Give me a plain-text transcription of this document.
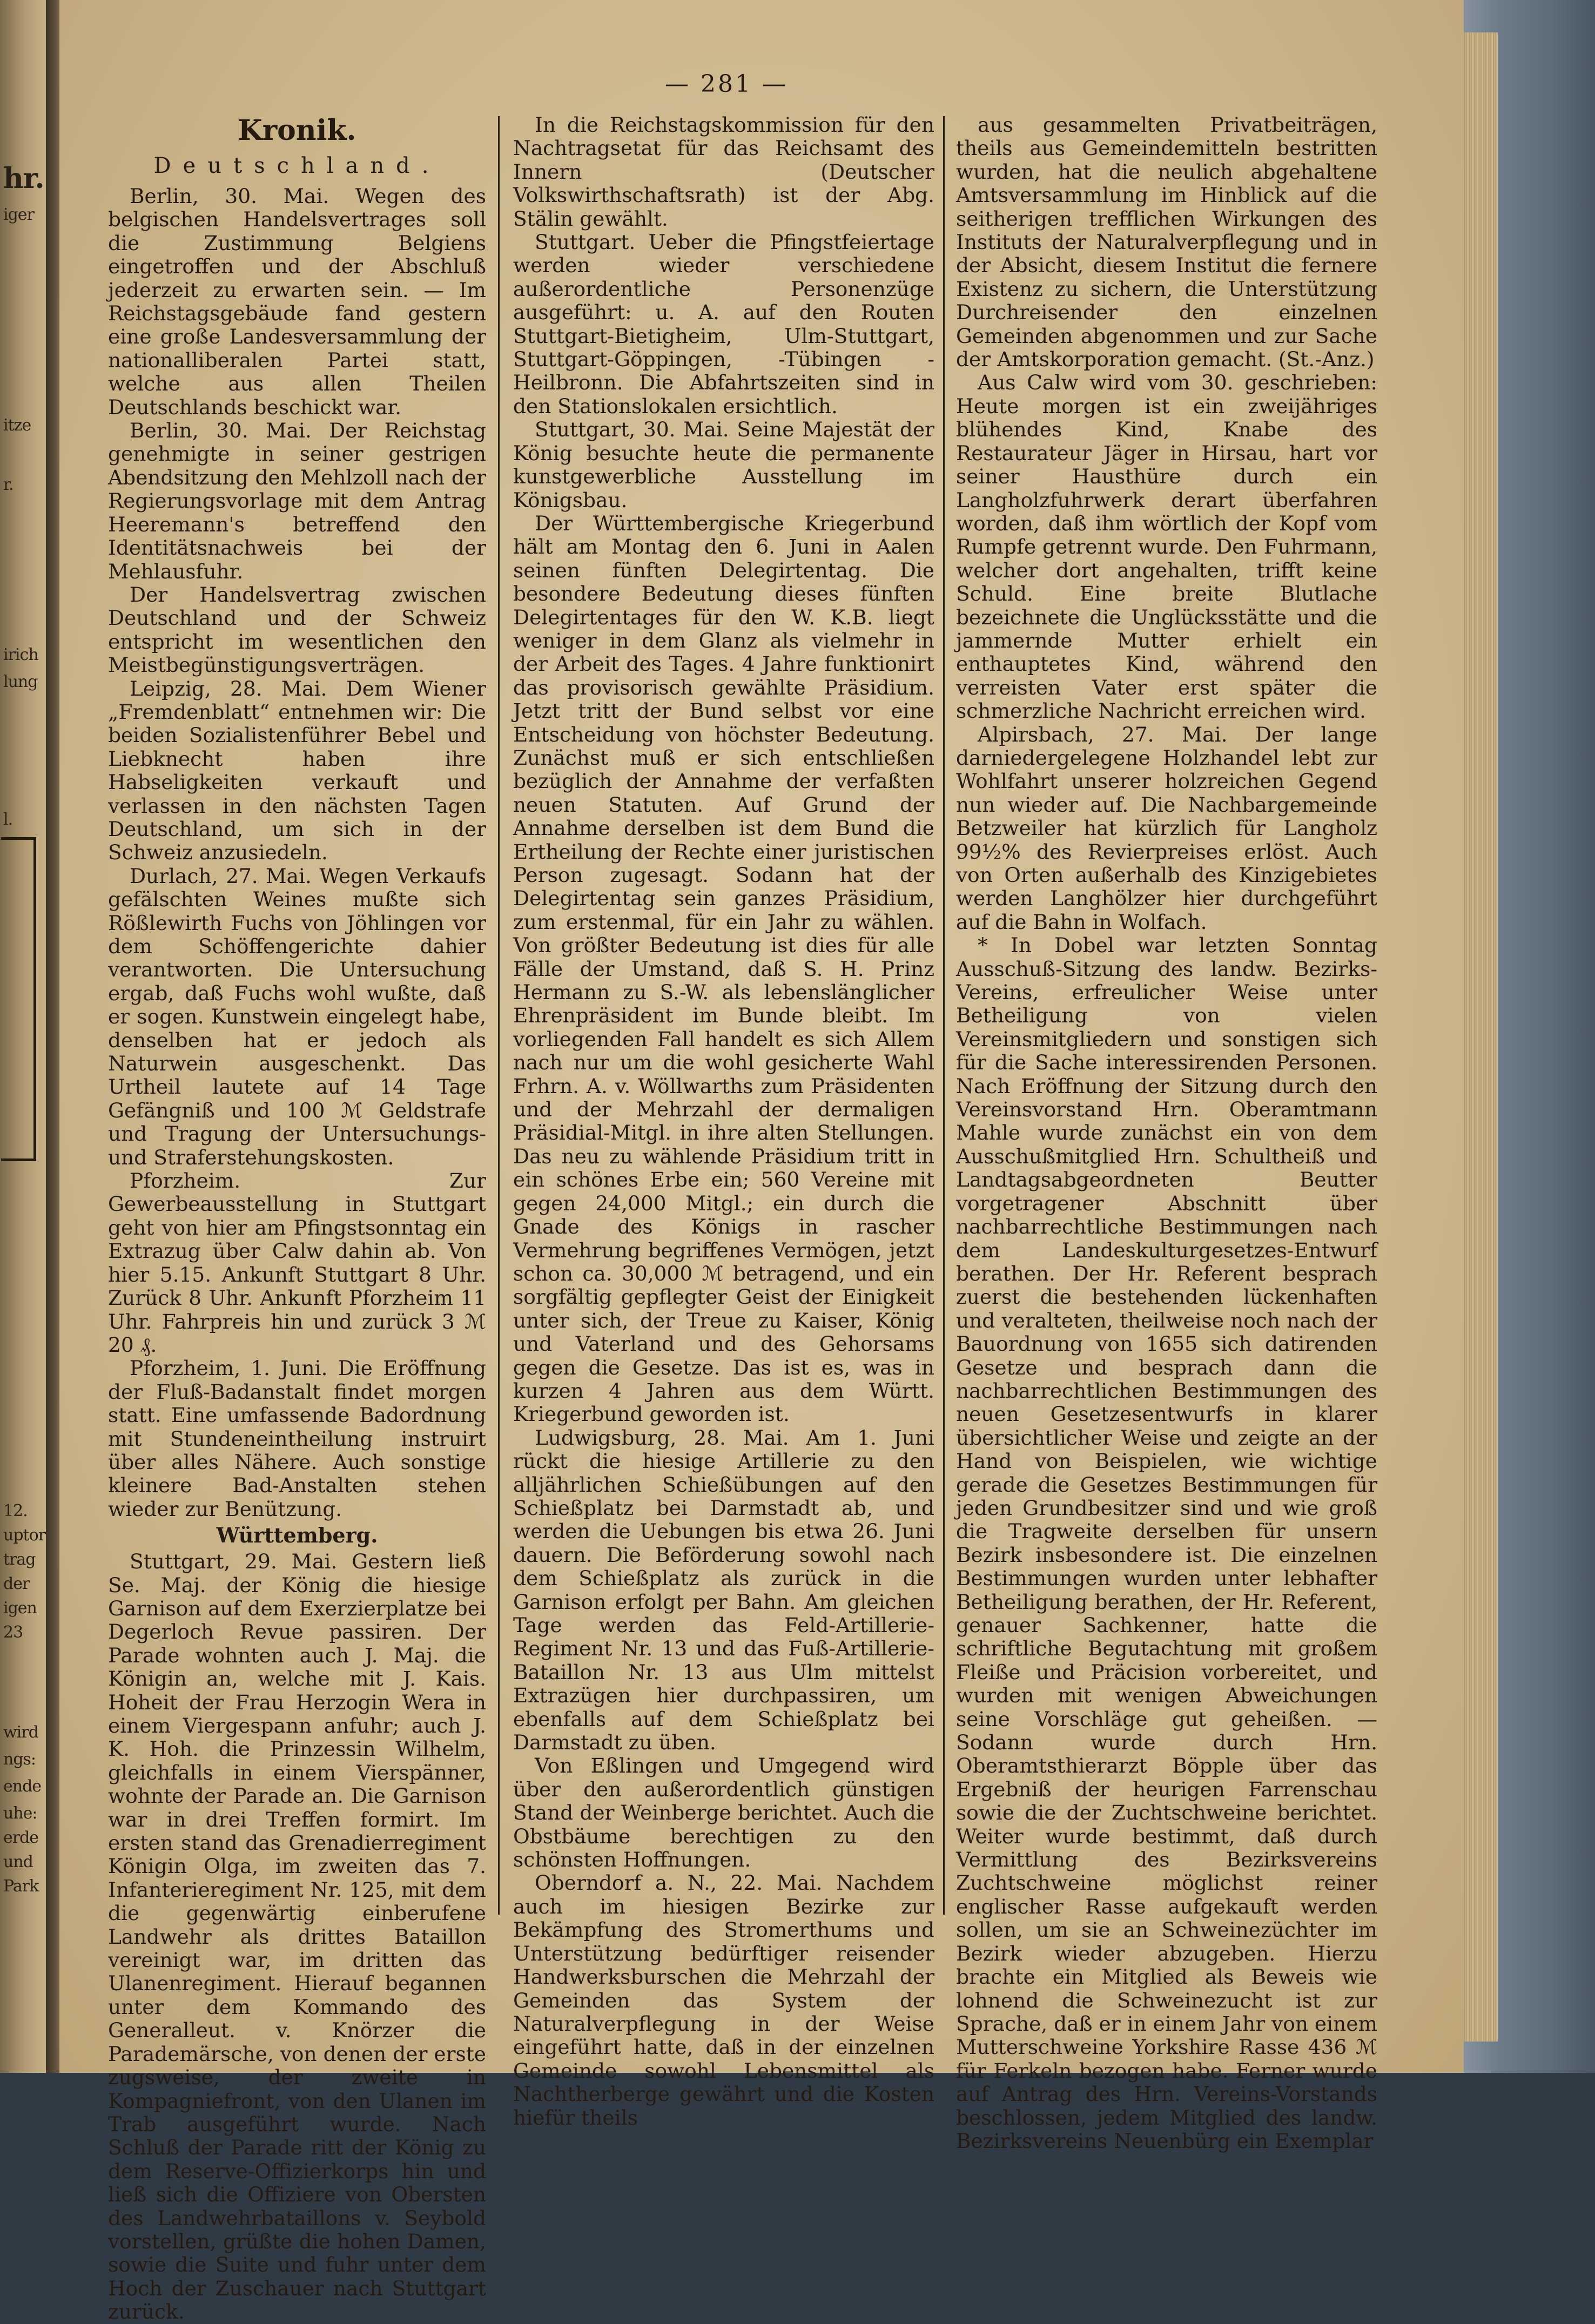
hr.
iger
itze
r.
irich
lung
l.
12.
uptor
trag
der
igen
23
wird
ngs:
ende
uhe:
erde
und
Park
— 281 —

Kronik.

Deutschland.

Berlin, 30. Mai. Wegen des belgischen Handelsvertrages soll die Zustimmung Belgiens eingetroffen und der Abschluß jederzeit zu erwarten sein. — Im Reichstagsgebäude fand gestern eine große Landesversammlung der nationalliberalen Partei statt, welche aus allen Theilen Deutschlands beschickt war.

Berlin, 30. Mai. Der Reichstag genehmigte in seiner gestrigen Abendsitzung den Mehlzoll nach der Regierungsvorlage mit dem Antrag Heeremann's betreffend den Identitätsnachweis bei der Mehlausfuhr.

Der Handelsvertrag zwischen Deutschland und der Schweiz entspricht im wesentlichen den Meistbegünstigungsverträgen.

Leipzig, 28. Mai. Dem Wiener „Fremdenblatt“ entnehmen wir: Die beiden Sozialistenführer Bebel und Liebknecht haben ihre Habseligkeiten verkauft und verlassen in den nächsten Tagen Deutschland, um sich in der Schweiz anzusiedeln.

Durlach, 27. Mai. Wegen Verkaufs gefälschten Weines mußte sich Rößlewirth Fuchs von Jöhlingen vor dem Schöffengerichte dahier verantworten. Die Untersuchung ergab, daß Fuchs wohl wußte, daß er sogen. Kunstwein eingelegt habe, denselben hat er jedoch als Naturwein ausgeschenkt. Das Urtheil lautete auf 14 Tage Gefängniß und 100 ℳ Geldstrafe und Tragung der Untersuchungs- und Straferstehungskosten.

Pforzheim. Zur Gewerbeausstellung in Stuttgart geht von hier am Pfingstsonntag ein Extrazug über Calw dahin ab. Von hier 5.15. Ankunft Stuttgart 8 Uhr. Zurück 8 Uhr. Ankunft Pforzheim 11 Uhr. Fahrpreis hin und zurück 3 ℳ 20 ₰.

Pforzheim, 1. Juni. Die Eröffnung der Fluß-Badanstalt findet morgen statt. Eine umfassende Badordnung mit Stundeneintheilung instruirt über alles Nähere. Auch sonstige kleinere Bad-Anstalten stehen wieder zur Benützung.

Württemberg.

Stuttgart, 29. Mai. Gestern ließ Se. Maj. der König die hiesige Garnison auf dem Exerzierplatze bei Degerloch Revue passiren. Der Parade wohnten auch J. Maj. die Königin an, welche mit J. Kais. Hoheit der Frau Herzogin Wera in einem Viergespann anfuhr; auch J. K. Hoh. die Prinzessin Wilhelm, gleichfalls in einem Vierspänner, wohnte der Parade an. Die Garnison war in drei Treffen formirt. Im ersten stand das Grenadierregiment Königin Olga, im zweiten das 7. Infanterieregiment Nr. 125, mit dem die gegenwärtig einberufene Landwehr als drittes Bataillon vereinigt war, im dritten das Ulanenregiment. Hierauf begannen unter dem Kommando des Generalleut. v. Knörzer die Parademärsche, von denen der erste zugsweise, der zweite in Kompagniefront, von den Ulanen im Trab ausgeführt wurde. Nach Schluß der Parade ritt der König zu dem Reserve-Offizierkorps hin und ließ sich die Offiziere von Obersten des Landwehrbataillons v. Seybold vorstellen, grüßte die hohen Damen, sowie die Suite und fuhr unter dem Hoch der Zuschauer nach Stuttgart zurück.

In die Reichstagskommission für den Nachtragsetat für das Reichsamt des Innern (Deutscher Volkswirthschaftsrath) ist der Abg. Stälin gewählt.

Stuttgart. Ueber die Pfingstfeiertage werden wieder verschiedene außerordentliche Personenzüge ausgeführt: u. A. auf den Routen Stuttgart-Bietigheim, Ulm-Stuttgart, Stuttgart-Göppingen, -Tübingen -Heilbronn. Die Abfahrtszeiten sind in den Stationslokalen ersichtlich.

Stuttgart, 30. Mai. Seine Majestät der König besuchte heute die permanente kunstgewerbliche Ausstellung im Königsbau.

Der Württembergische Kriegerbund hält am Montag den 6. Juni in Aalen seinen fünften Delegirtentag. Die besondere Bedeutung dieses fünften Delegirtentages für den W. K.B. liegt weniger in dem Glanz als vielmehr in der Arbeit des Tages. 4 Jahre funktionirt das provisorisch gewählte Präsidium. Jetzt tritt der Bund selbst vor eine Entscheidung von höchster Bedeutung. Zunächst muß er sich entschließen bezüglich der Annahme der verfaßten neuen Statuten. Auf Grund der Annahme derselben ist dem Bund die Ertheilung der Rechte einer juristischen Person zugesagt. Sodann hat der Delegirtentag sein ganzes Präsidium, zum erstenmal, für ein Jahr zu wählen. Von größter Bedeutung ist dies für alle Fälle der Umstand, daß S. H. Prinz Hermann zu S.-W. als lebenslänglicher Ehrenpräsident im Bunde bleibt. Im vorliegenden Fall handelt es sich Allem nach nur um die wohl gesicherte Wahl Frhrn. A. v. Wöllwarths zum Präsidenten und der Mehrzahl der dermaligen Präsidial-Mitgl. in ihre alten Stellungen. Das neu zu wählende Präsidium tritt in ein schönes Erbe ein; 560 Vereine mit gegen 24,000 Mitgl.; ein durch die Gnade des Königs in rascher Vermehrung begriffenes Vermögen, jetzt schon ca. 30,000 ℳ betragend, und ein sorgfältig gepflegter Geist der Einigkeit unter sich, der Treue zu Kaiser, König und Vaterland und des Gehorsams gegen die Gesetze. Das ist es, was in kurzen 4 Jahren aus dem Württ. Kriegerbund geworden ist.

Ludwigsburg, 28. Mai. Am 1. Juni rückt die hiesige Artillerie zu den alljährlichen Schießübungen auf den Schießplatz bei Darmstadt ab, und werden die Uebungen bis etwa 26. Juni dauern. Die Beförderung sowohl nach dem Schießplatz als zurück in die Garnison erfolgt per Bahn. Am gleichen Tage werden das Feld-Artillerie-Regiment Nr. 13 und das Fuß-Artillerie-Bataillon Nr. 13 aus Ulm mittelst Extrazügen hier durchpassiren, um ebenfalls auf dem Schießplatz bei Darmstadt zu üben.

Von Eßlingen und Umgegend wird über den außerordentlich günstigen Stand der Weinberge berichtet. Auch die Obstbäume berechtigen zu den schönsten Hoffnungen.

Oberndorf a. N., 22. Mai. Nachdem auch im hiesigen Bezirke zur Bekämpfung des Stromerthums und Unterstützung bedürftiger reisender Handwerksburschen die Mehrzahl der Gemeinden das System der Naturalverpflegung in der Weise eingeführt hatte, daß in der einzelnen Gemeinde sowohl Lebensmittel als Nachtherberge gewährt und die Kosten hiefür theils

aus gesammelten Privatbeiträgen, theils aus Gemeindemitteln bestritten wurden, hat die neulich abgehaltene Amtsversammlung im Hinblick auf die seitherigen trefflichen Wirkungen des Instituts der Naturalverpflegung und in der Absicht, diesem Institut die fernere Existenz zu sichern, die Unterstützung Durchreisender den einzelnen Gemeinden abgenommen und zur Sache der Amtskorporation gemacht. (St.-Anz.)

Aus Calw wird vom 30. geschrieben: Heute morgen ist ein zweijähriges blühendes Kind, Knabe des Restaurateur Jäger in Hirsau, hart vor seiner Hausthüre durch ein Langholzfuhrwerk derart überfahren worden, daß ihm wörtlich der Kopf vom Rumpfe getrennt wurde. Den Fuhrmann, welcher dort angehalten, trifft keine Schuld. Eine breite Blutlache bezeichnete die Unglücksstätte und die jammernde Mutter erhielt ein enthauptetes Kind, während den verreisten Vater erst später die schmerzliche Nachricht erreichen wird.

Alpirsbach, 27. Mai. Der lange darniedergelegene Holzhandel lebt zur Wohlfahrt unserer holzreichen Gegend nun wieder auf. Die Nachbargemeinde Betzweiler hat kürzlich für Langholz 99½% des Revierpreises erlöst. Auch von Orten außerhalb des Kinzigebietes werden Langhölzer hier durchgeführt auf die Bahn in Wolfach.

* In Dobel war letzten Sonntag Ausschuß-Sitzung des landw. Bezirks-Vereins, erfreulicher Weise unter Betheiligung von vielen Vereinsmitgliedern und sonstigen sich für die Sache interessirenden Personen. Nach Eröffnung der Sitzung durch den Vereinsvorstand Hrn. Oberamtmann Mahle wurde zunächst ein von dem Ausschußmitglied Hrn. Schultheiß und Landtagsabgeordneten Beutter vorgetragener Abschnitt über nachbarrechtliche Bestimmungen nach dem Landeskulturgesetzes-Entwurf berathen. Der Hr. Referent besprach zuerst die bestehenden lückenhaften und veralteten, theilweise noch nach der Bauordnung von 1655 sich datirenden Gesetze und besprach dann die nachbarrechtlichen Bestimmungen des neuen Gesetzesentwurfs in klarer übersichtlicher Weise und zeigte an der Hand von Beispielen, wie wichtige gerade die Gesetzes Bestimmungen für jeden Grundbesitzer sind und wie groß die Tragweite derselben für unsern Bezirk insbesondere ist. Die einzelnen Bestimmungen wurden unter lebhafter Betheiligung berathen, der Hr. Referent, genauer Sachkenner, hatte die schriftliche Begutachtung mit großem Fleiße und Präcision vorbereitet, und wurden mit wenigen Abweichungen seine Vorschläge gut geheißen. — Sodann wurde durch Hrn. Oberamtsthierarzt Böpple über das Ergebniß der heurigen Farrenschau sowie die der Zuchtschweine berichtet. Weiter wurde bestimmt, daß durch Vermittlung des Bezirksvereins Zuchtschweine möglichst reiner englischer Rasse aufgekauft werden sollen, um sie an Schweinezüchter im Bezirk wieder abzugeben. Hierzu brachte ein Mitglied als Beweis wie lohnend die Schweinezucht ist zur Sprache, daß er in einem Jahr von einem Mutterschweine Yorkshire Rasse 436 ℳ für Ferkeln bezogen habe. Ferner wurde auf Antrag des Hrn. Vereins-Vorstands beschlossen, jedem Mitglied des landw. Bezirksvereins Neuenbürg ein Exemplar
